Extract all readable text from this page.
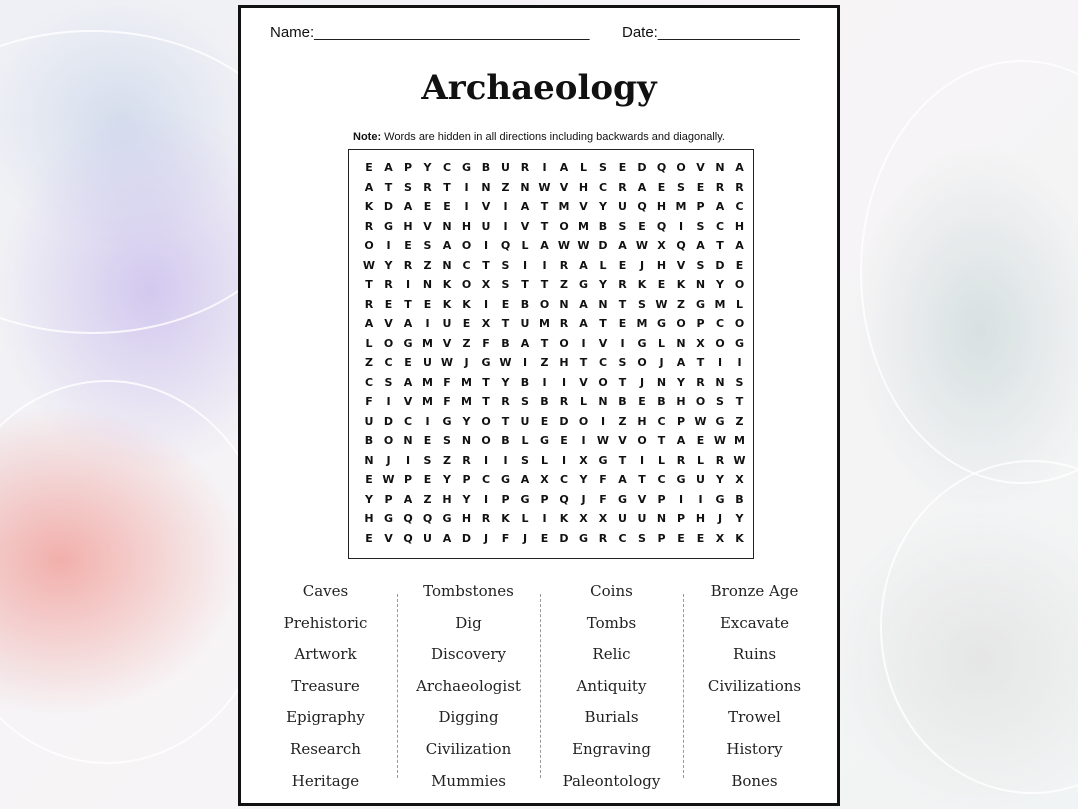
Name:_________________________________ Date:_________________
Archaeology
Note: Words are hidden in all directions including backwards and diagonally.
E	A	P	Y	C G B U R	I	A	L	S	E	D Q O V N A
A	T	S	R	T	I	N Z N W V H C	R	A	E	S	E	R	R
K D A	E	E	I	V	I	A	T M V	Y	U Q H M P	A	C
R G H V N H U	I	V	T	O M B	S	E	Q	I	S	C H
O	I	E	S	A O	I	Q	L	A W W D A W X Q A	T	A
W Y	R	Z N C	T	S	I	I	R	A	L	E	J	H V	S D	E
T	R	I	N K O X	S	T	T	Z	G	Y	R	K	E	K N Y O
R	E	T	E	K K	I	E	B O N A N	T	S W Z	G M L
A V A	I	U	E	X	T	U M R	A	T	E M G O P	C O
L	O G M V	Z	F	B	A	T	O	I	V	I	G	L	N X O G
Z	C	E	U W	J	G W	I	Z H	T	C	S O	J	A	T	I	I
C	S	A M F M T	Y	B	I	I	V O	T	J	N Y	R N S
F	I	V M F M T	R	S	B	R	L	N B	E	B H O S	T
U D C	I	G	Y O	T	U	E	D O	I	Z H C	P W G Z
B O N	E	S N O B	L	G	E	I	W V O	T	A	E W M
N	J	I	S	Z	R	I	I	S	L	I	X G	T	I	L	R	L	R W
E W P	E	Y	P	C G A	X	C	Y	F	A	T	C G U	Y	X
Y	P	A	Z H Y	I	P G P Q	J	F	G V	P	I	I	G B
H G Q Q G H R	K	L	I	K X	X U U N P H	J	Y
E	V Q U A D	J	F	J	E	D G R	C	S	P	E	E	X	K
Caves
Prehistoric
Artwork
Treasure
Epigraphy
Research
Heritage
Tombstones
Dig
Discovery
Archaeologist
Digging
Civilization
Mummies
Coins
Tombs
Relic
Antiquity
Burials
Engraving
Paleontology
Bronze Age
Excavate
Ruins
Civilizations
Trowel
History
Bones
